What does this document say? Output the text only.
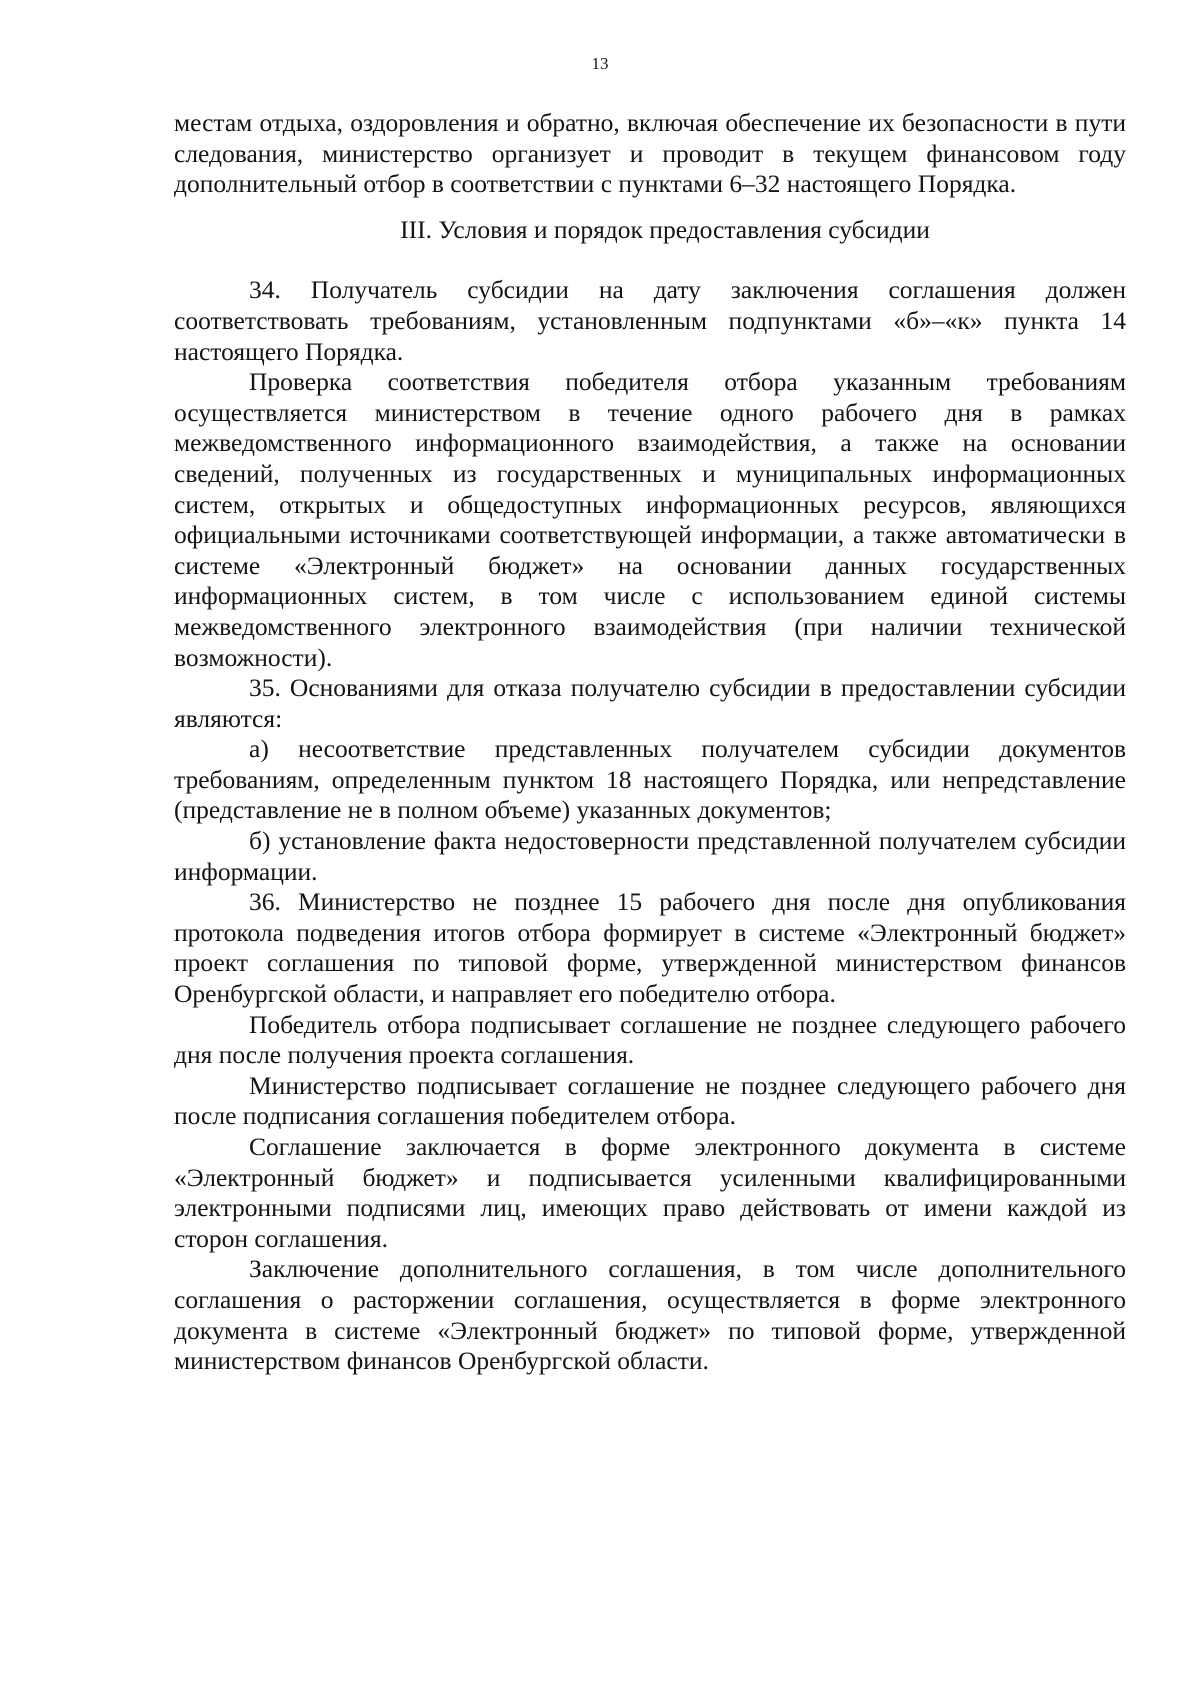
13

местам отдыха, оздоровления и обратно, включая обеспечение их безопасности в пути следования, министерство организует и проводит в текущем финансовом году дополнительный отбор в соответствии с пунктами 6–32 настоящего Порядка.

III. Условия и порядок предоставления субсидии

34. Получатель субсидии на дату заключения соглашения должен соответствовать требованиям, установленным подпунктами «б»–«к» пункта 14 настоящего Порядка.

Проверка соответствия победителя отбора указанным требованиям осуществляется министерством в течение одного рабочего дня в рамках межведомственного информационного взаимодействия, а также на основании сведений, полученных из государственных и муниципальных информационных систем, открытых и общедоступных информационных ресурсов, являющихся официальными источниками соответствующей информации, а также автоматически в системе «Электронный бюджет» на основании данных государственных информационных систем, в том числе с использованием единой системы межведомственного электронного взаимодействия (при наличии технической возможности).

35. Основаниями для отказа получателю субсидии в предоставлении субсидии являются:

а) несоответствие представленных получателем субсидии документов требованиям, определенным пунктом 18 настоящего Порядка, или непредставление (представление не в полном объеме) указанных документов;

б) установление факта недостоверности представленной получателем субсидии информации.

36. Министерство не позднее 15 рабочего дня после дня опубликования протокола подведения итогов отбора формирует в системе «Электронный бюджет» проект соглашения по типовой форме, утвержденной министерством финансов Оренбургской области, и направляет его победителю отбора.

Победитель отбора подписывает соглашение не позднее следующего рабочего дня после получения проекта соглашения.

Министерство подписывает соглашение не позднее следующего рабочего дня после подписания соглашения победителем отбора.

Соглашение заключается в форме электронного документа в системе «Электронный бюджет» и подписывается усиленными квалифицированными электронными подписями лиц, имеющих право действовать от имени каждой из сторон соглашения.

Заключение дополнительного соглашения, в том числе дополнительного соглашения о расторжении соглашения, осуществляется в форме электронного документа в системе «Электронный бюджет» по типовой форме, утвержденной министерством финансов Оренбургской области.
